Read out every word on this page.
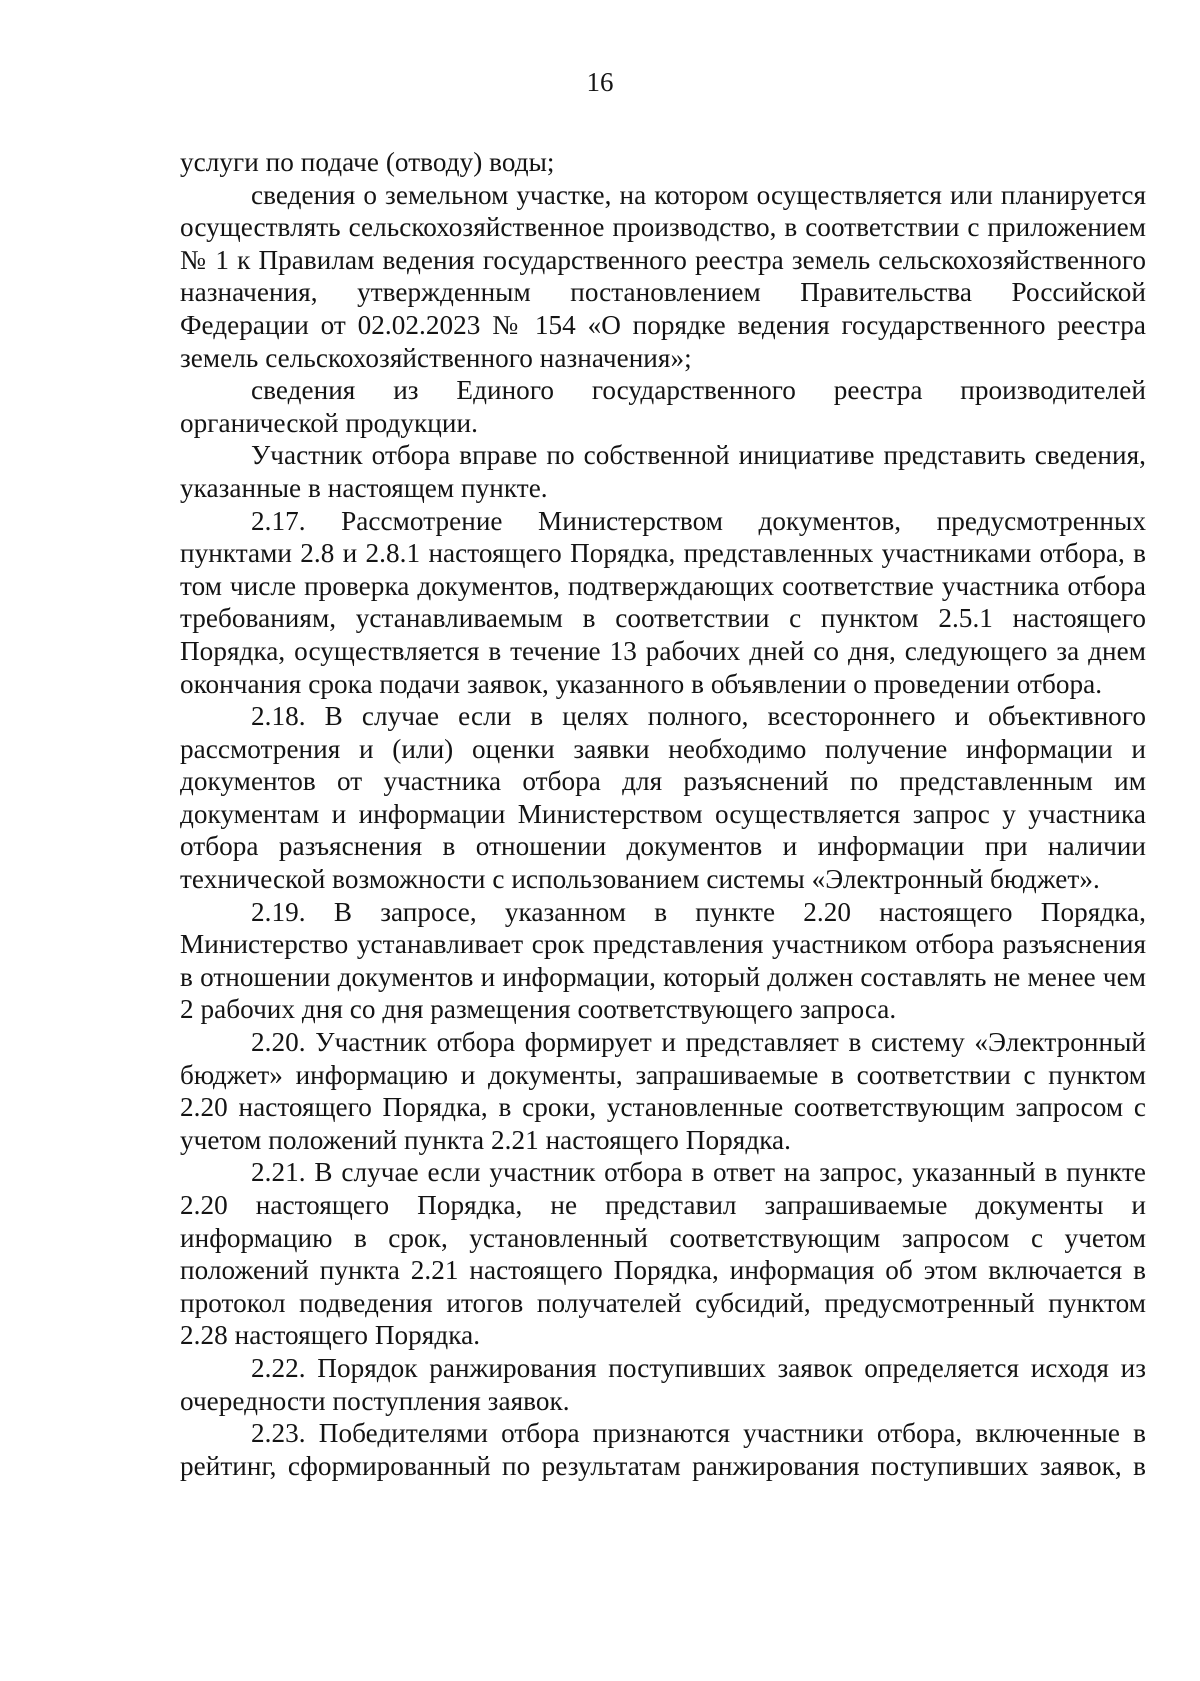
16

услуги по подаче (отводу) воды;

сведения о земельном участке, на котором осуществляется или планируется осуществлять сельскохозяйственное производство, в соответствии с приложением № 1 к Правилам ведения государственного реестра земель сельскохозяйственного назначения, утвержденным постановлением Правительства Российской Федерации от 02.02.2023 № 154 «О порядке ведения государственного реестра земель сельскохозяйственного назначения»;

сведения из Единого государственного реестра производителей органической продукции.

Участник отбора вправе по собственной инициативе представить сведения, указанные в настоящем пункте.

2.17. Рассмотрение Министерством документов, предусмотренных пунктами 2.8 и 2.8.1 настоящего Порядка, представленных участниками отбора, в том числе проверка документов, подтверждающих соответствие участника отбора требованиям, устанавливаемым в соответствии с пунктом 2.5.1 настоящего Порядка, осуществляется в течение 13 рабочих дней со дня, следующего за днем окончания срока подачи заявок, указанного в объявлении о проведении отбора.

2.18. В случае если в целях полного, всестороннего и объективного рассмотрения и (или) оценки заявки необходимо получение информации и документов от участника отбора для разъяснений по представленным им документам и информации Министерством осуществляется запрос у участника отбора разъяснения в отношении документов и информации при наличии технической возможности с использованием системы «Электронный бюджет».

2.19. В запросе, указанном в пункте 2.20 настоящего Порядка, Министерство устанавливает срок представления участником отбора разъяснения в отношении документов и информации, который должен составлять не менее чем 2 рабочих дня со дня размещения соответствующего запроса.

2.20. Участник отбора формирует и представляет в систему «Электронный бюджет» информацию и документы, запрашиваемые в соответствии с пунктом 2.20 настоящего Порядка, в сроки, установленные соответствующим запросом с учетом положений пункта 2.21 настоящего Порядка.

2.21. В случае если участник отбора в ответ на запрос, указанный в пункте 2.20 настоящего Порядка, не представил запрашиваемые документы и информацию в срок, установленный соответствующим запросом с учетом положений пункта 2.21 настоящего Порядка, информация об этом включается в протокол подведения итогов получателей субсидий, предусмотренный пунктом 2.28 настоящего Порядка.

2.22. Порядок ранжирования поступивших заявок определяется исходя из очередности поступления заявок.

2.23. Победителями отбора признаются участники отбора, включенные в рейтинг, сформированный по результатам ранжирования поступивших заявок, в
